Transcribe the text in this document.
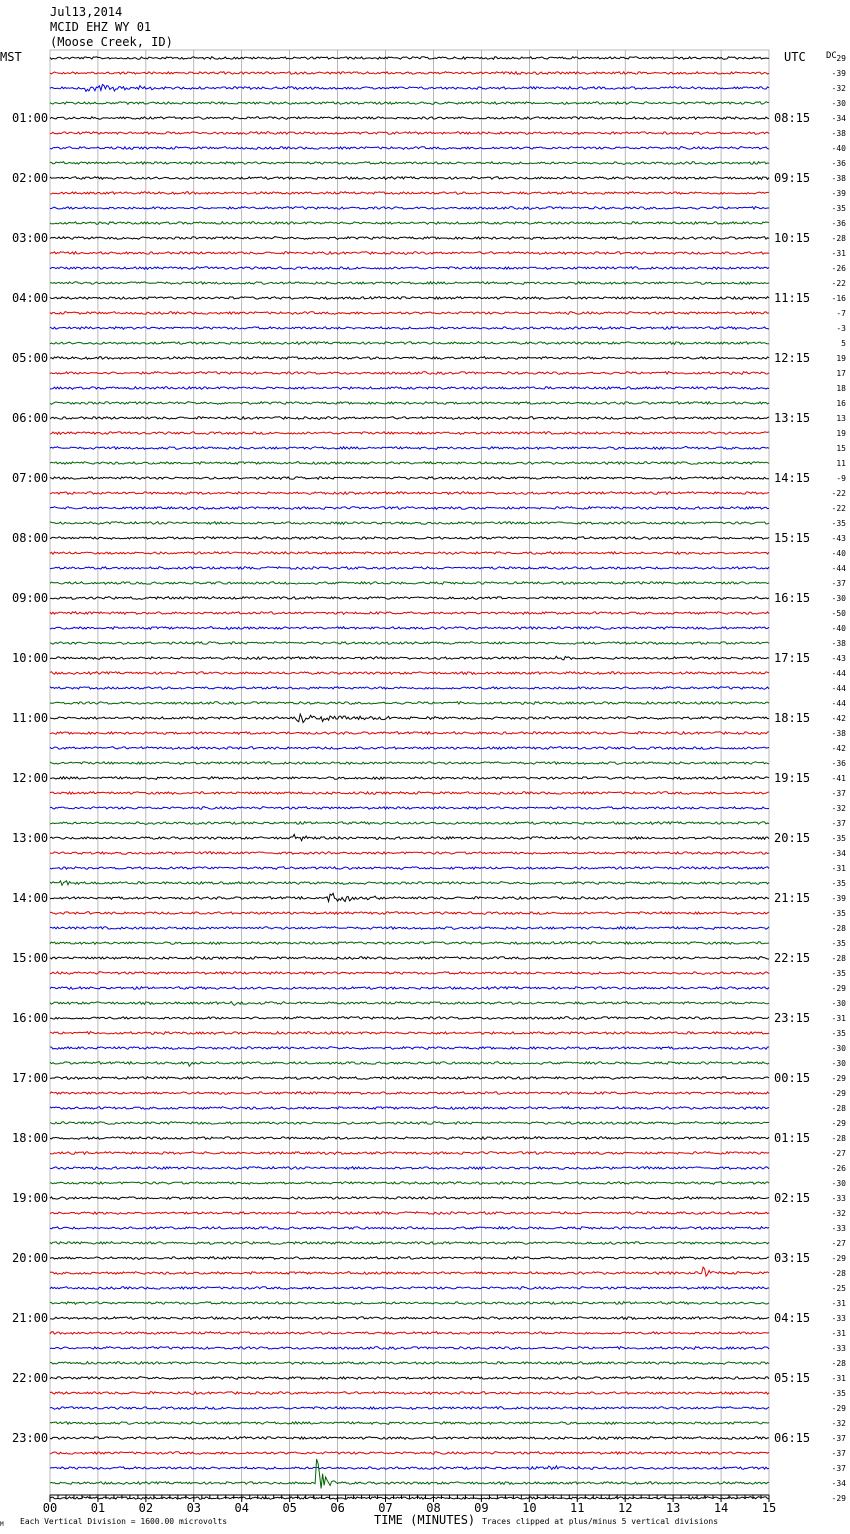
Jul13,2014
MCID EHZ WY 01
(Moose Creek, ID)
MST	UTC DC
01:00
02:00
03:00
04:00
05:00
06:00
07:00
08:00
09:00
10:00
11:00
12:00
13:00
14:00
15:00
16:00
17:00
18:00
19:00
20:00
21:00
22:00
23:00
08:15
09:15
10:15
11:15
12:15
13:15
14:15
15:15
16:15
17:15
18:15
19:15
20:15
21:15
22:15
23:15
00:15
01:15
02:15
03:15
04:15
05:15
06:15
29
-39
-32
-30
-34
-38
-40
-36
-38
-39
-35
-36
-28
-31
-26
-22
-16
-7
-3
5
19
17
18
16
13
19
15
11
-9
-22
-22
-35
-43
-40
-44
-37
-30
-50
-40
-38
-43
-44
-44
-44
-42
-38
-42
-36
-41
-37
-32
-37
-35
-34
-31
-35
-39
-35
-28
-35
-28
-35
-29
-30
-31
-35
-30
-30
-29
-29
-28
-29
-28
-27
-26
-30
-33
-32
-33
-27
-29
-28
-25
-31
-33
-31
-33
-28
-31
-35
-29
-32
-37
-37
-37
-34
-29
00	01	02	03	04	05	06	07	08	09	10	11	12	13	14	15
M Each Vertical Division = 1600.00 microvolts	TIME (MINUTES) Traces clipped at plus/minus 5 vertical divisions
